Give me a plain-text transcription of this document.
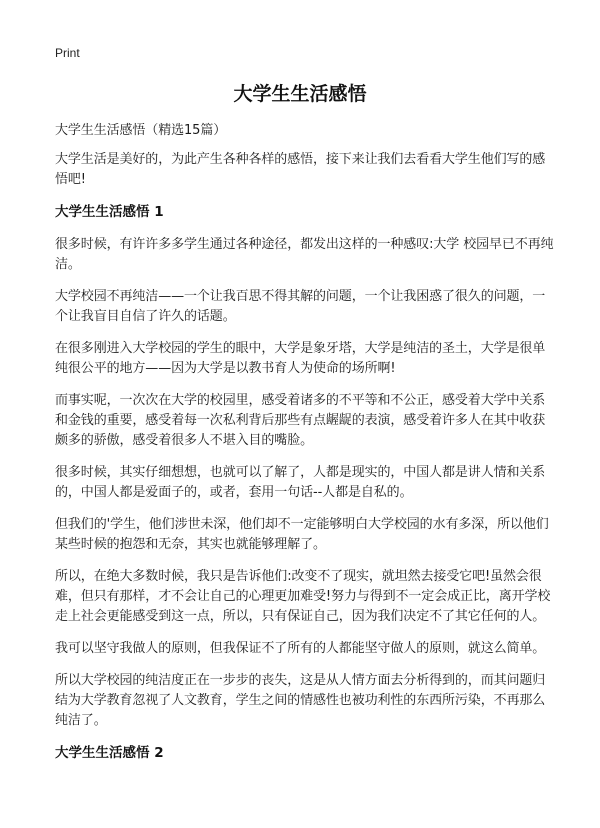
Print
大学生生活感悟

大学生生活感悟（精选15篇）

大学生活是美好的，为此产生各种各样的感悟，接下来让我们去看看大学生他们写的感悟吧!

大学生生活感悟 1

很多时候，有许许多多学生通过各种途径，都发出这样的一种感叹:大学 校园早已不再纯洁。

大学校园不再纯洁——一个让我百思不得其解的问题，一个让我困惑了很久的问题，一个让我盲目自信了许久的话题。

在很多刚进入大学校园的学生的眼中，大学是象牙塔，大学是纯洁的圣土，大学是很单纯很公平的地方——因为大学是以教书育人为使命的场所啊!

而事实呢，一次次在大学的校园里，感受着诸多的不平等和不公正，感受着大学中关系和金钱的重要，感受着每一次私利背后那些有点龌龊的表演，感受着许多人在其中收获颇多的骄傲，感受着很多人不堪入目的嘴脸。

很多时候，其实仔细想想，也就可以了解了，人都是现实的，中国人都是讲人情和关系的，中国人都是爱面子的，或者，套用一句话--人都是自私的。

但我们的'学生，他们涉世未深，他们却不一定能够明白大学校园的水有多深，所以他们某些时候的抱怨和无奈，其实也就能够理解了。

所以，在绝大多数时候，我只是告诉他们:改变不了现实，就坦然去接受它吧!虽然会很难，但只有那样，才不会让自己的心理更加难受!努力与得到不一定会成正比，离开学校走上社会更能感受到这一点，所以，只有保证自己，因为我们决定不了其它任何的人。

我可以坚守我做人的原则，但我保证不了所有的人都能坚守做人的原则，就这么简单。

所以大学校园的纯洁度正在一步步的丧失，这是从人情方面去分析得到的，而其问题归结为大学教育忽视了人文教育，学生之间的情感性也被功利性的东西所污染，不再那么纯洁了。

大学生生活感悟 2
